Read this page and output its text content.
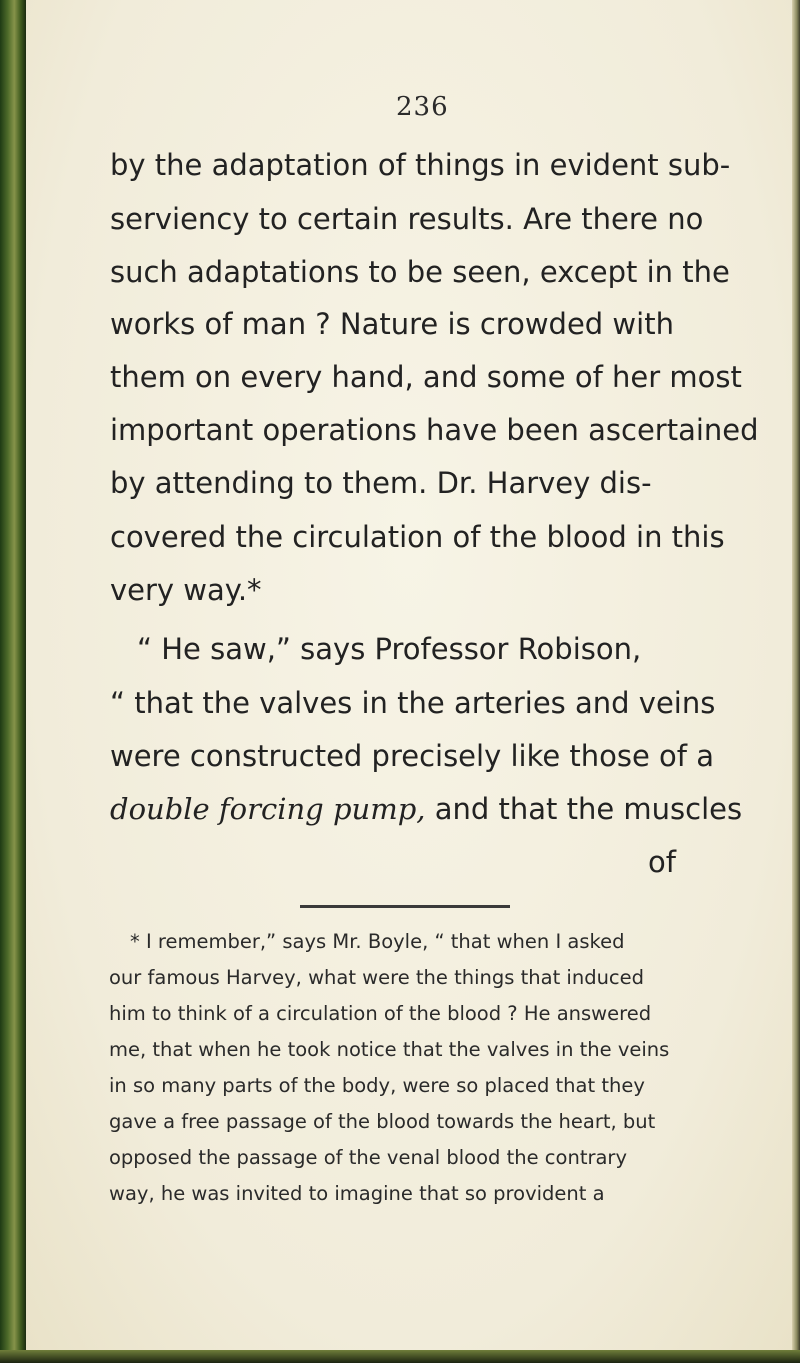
236
by the adaptation of things in evident sub-
serviency to certain results. Are there no
such adaptations to be seen, except in the
works of man ? Nature is crowded with
them on every hand, and some of her most
important operations have been ascertained
by attending to them. Dr. Harvey dis-
covered the circulation of the blood in this
very way.*
“ He saw,” says Professor Robison,
“ that the valves in the arteries and veins
were constructed precisely like those of a
double forcing pump, and that the muscles
of
* I remember,” says Mr. Boyle, “ that when I asked
our famous Harvey, what were the things that induced
him to think of a circulation of the blood ? He answered
me, that when he took notice that the valves in the veins
in so many parts of the body, were so placed that they
gave a free passage of the blood towards the heart, but
opposed the passage of the venal blood the contrary
way, he was invited to imagine that so provident a
